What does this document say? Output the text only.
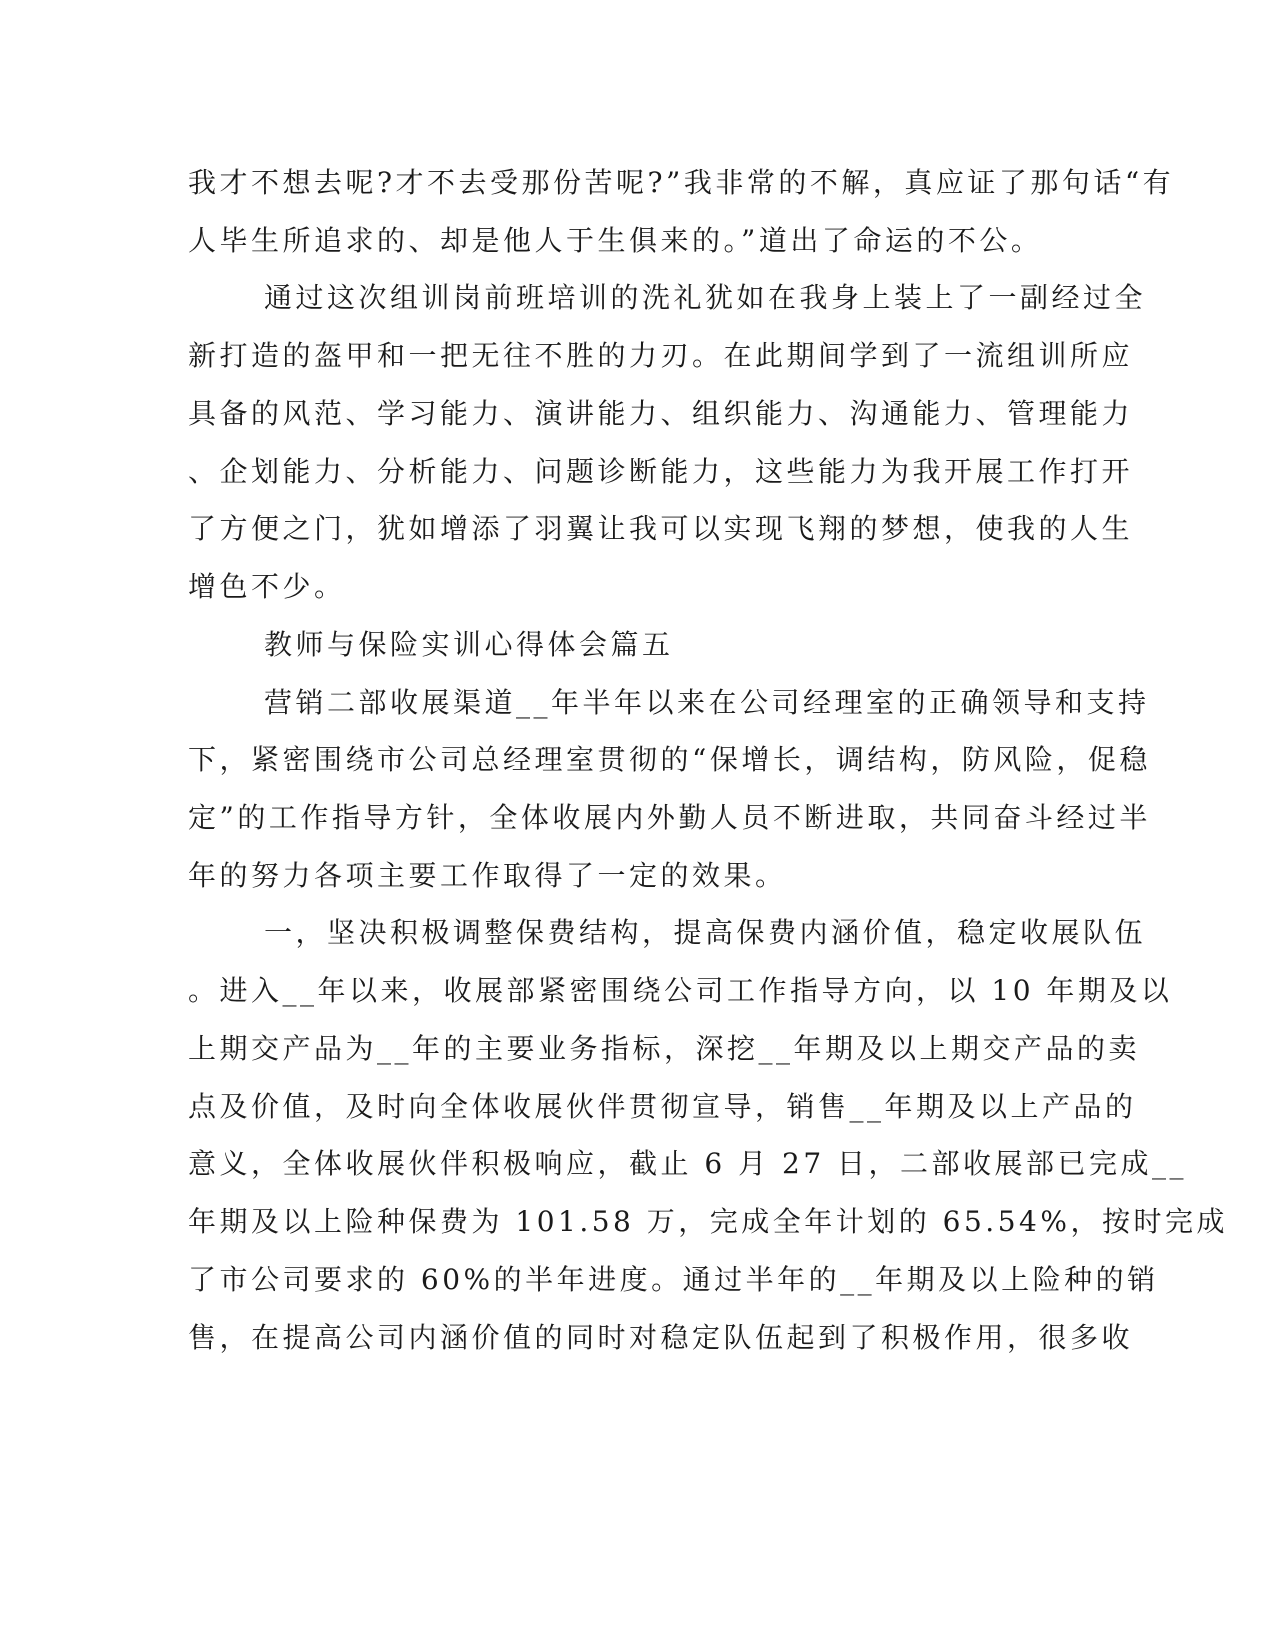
我才不想去呢?才不去受那份苦呢?”我非常的不解，真应证了那句话“有
人毕生所追求的、却是他人于生俱来的。”道出了命运的不公。
通过这次组训岗前班培训的洗礼犹如在我身上装上了一副经过全
新打造的盔甲和一把无往不胜的力刃。在此期间学到了一流组训所应
具备的风范、学习能力、演讲能力、组织能力、沟通能力、管理能力
、企划能力、分析能力、问题诊断能力，这些能力为我开展工作打开
了方便之门，犹如增添了羽翼让我可以实现飞翔的梦想，使我的人生
增色不少。
教师与保险实训心得体会篇五
营销二部收展渠道__年半年以来在公司经理室的正确领导和支持
下，紧密围绕市公司总经理室贯彻的“保增长，调结构，防风险，促稳
定”的工作指导方针，全体收展内外勤人员不断进取，共同奋斗经过半
年的努力各项主要工作取得了一定的效果。
一，坚决积极调整保费结构，提高保费内涵价值，稳定收展队伍
。进入__年以来，收展部紧密围绕公司工作指导方向，以 10 年期及以
上期交产品为__年的主要业务指标，深挖__年期及以上期交产品的卖
点及价值，及时向全体收展伙伴贯彻宣导，销售__年期及以上产品的
意义，全体收展伙伴积极响应，截止 6 月 27 日，二部收展部已完成__
年期及以上险种保费为 101.58 万，完成全年计划的 65.54%，按时完成
了市公司要求的 60%的半年进度。通过半年的__年期及以上险种的销
售，在提高公司内涵价值的同时对稳定队伍起到了积极作用，很多收
